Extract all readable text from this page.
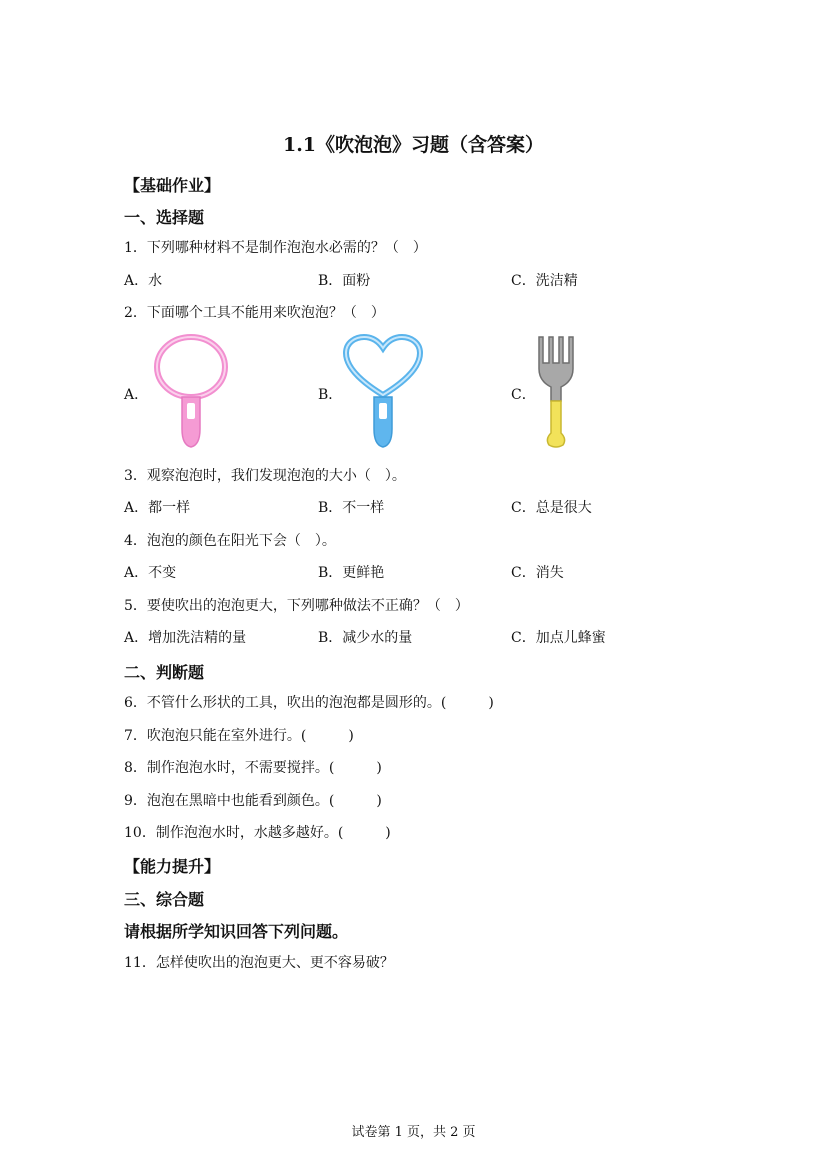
1.1《吹泡泡》习题（含答案）
【基础作业】
一、选择题
1．下列哪种材料不是制作泡泡水必需的？（　）
A．水	B．面粉	C．洗洁精
2．下面哪个工具不能用来吹泡泡？（　）
A．	B．	C．
3．观察泡泡时，我们发现泡泡的大小（　）。
A．都一样	B．不一样	C．总是很大
4．泡泡的颜色在阳光下会（　）。
A．不变	B．更鲜艳	C．消失
5．要使吹出的泡泡更大，下列哪种做法不正确？（　）
A．增加洗洁精的量	B．减少水的量	C．加点儿蜂蜜
二、判断题
6．不管什么形状的工具，吹出的泡泡都是圆形的。(　　　)
7．吹泡泡只能在室外进行。(　　　)
8．制作泡泡水时，不需要搅拌。(　　　)
9．泡泡在黑暗中也能看到颜色。(　　　)
10．制作泡泡水时，水越多越好。(　　　)
【能力提升】
三、综合题
请根据所学知识回答下列问题。
11．怎样使吹出的泡泡更大、更不容易破？
试卷第 1 页，共 2 页
